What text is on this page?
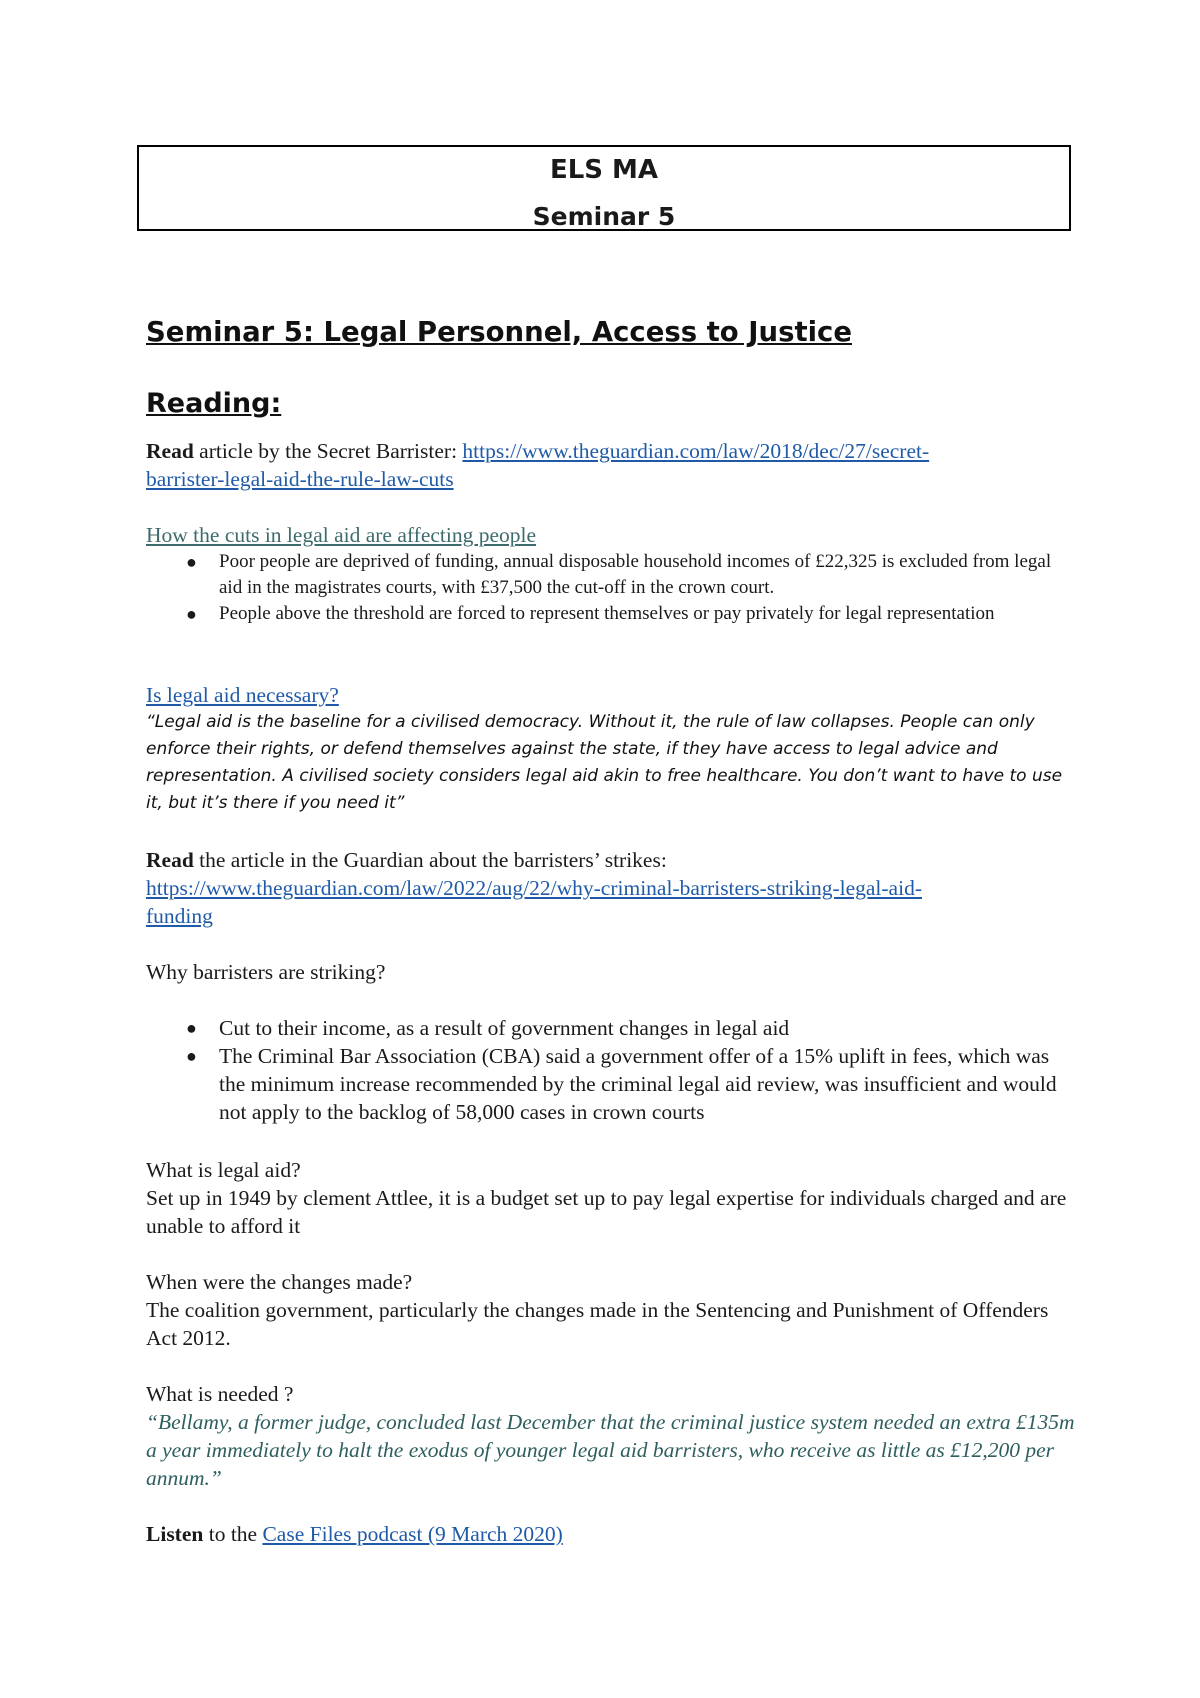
ELS MA
Seminar 5
Seminar 5: Legal Personnel, Access to Justice
Reading:
Read article by the Secret Barrister: https://www.theguardian.com/law/2018/dec/27/secret-
barrister-legal-aid-the-rule-law-cuts
How the cuts in legal aid are affecting people
● Poor people are deprived of funding, annual disposable household incomes of £22,325 is excluded from legal aid in the magistrates courts, with £37,500 the cut-off in the crown court.
● People above the threshold are forced to represent themselves or pay privately for legal representation
Is legal aid necessary?
“Legal aid is the baseline for a civilised democracy. Without it, the rule of law collapses. People can only enforce their rights, or defend themselves against the state, if they have access to legal advice and representation. A civilised society considers legal aid akin to free healthcare. You don’t want to have to use it, but it’s there if you need it”
Read the article in the Guardian about the barristers’ strikes:
https://www.theguardian.com/law/2022/aug/22/why-criminal-barristers-striking-legal-aid-
funding
Why barristers are striking?
● Cut to their income, as a result of government changes in legal aid
● The Criminal Bar Association (CBA) said a government offer of a 15% uplift in fees, which was the minimum increase recommended by the criminal legal aid review, was insufficient and would not apply to the backlog of 58,000 cases in crown courts
What is legal aid?
Set up in 1949 by clement Attlee, it is a budget set up to pay legal expertise for individuals charged and are unable to afford it
When were the changes made?
The coalition government, particularly the changes made in the Sentencing and Punishment of Offenders Act 2012.
What is needed ?
“Bellamy, a former judge, concluded last December that the criminal justice system needed an extra £135m a year immediately to halt the exodus of younger legal aid barristers, who receive as little as £12,200 per annum.”
Listen to the Case Files podcast (9 March 2020)
